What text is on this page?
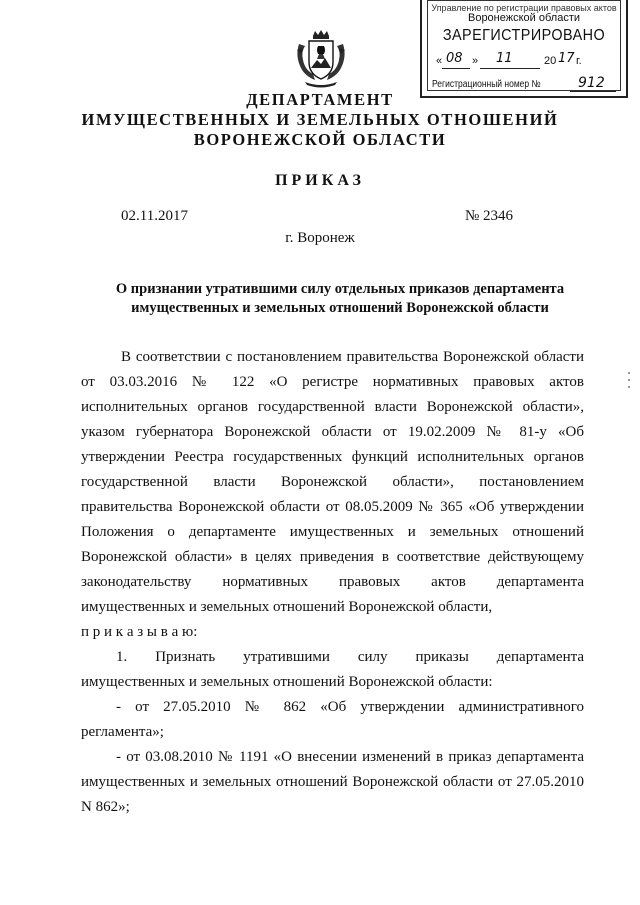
Управление по регистрации правовых актов
Воронежской области
ЗАРЕГИСТРИРОВАНО
« 08 » 11	20 17 г.
Регистрационный номер №	912
ДЕПАРТАМЕНТ
ИМУЩЕСТВЕННЫХ И ЗЕМЕЛЬНЫХ ОТНОШЕНИЙ
ВОРОНЕЖСКОЙ ОБЛАСТИ
ПРИКАЗ
02.11.2017	№ 2346
г. Воронеж
О признании утратившими силу отдельных приказов департамента
имущественных и земельных отношений Воронежской области
В соответствии с постановлением правительства Воронежской области
от 03.03.2016 № 122 «О регистре нормативных правовых актов
исполнительных органов государственной власти Воронежской области»,
указом губернатора Воронежской области от 19.02.2009 № 81-у «Об
утверждении Реестра государственных функций исполнительных органов
государственной власти Воронежской области», постановлением
правительства Воронежской области от 08.05.2009 № 365 «Об утверждении
Положения о департаменте имущественных и земельных отношений
Воронежской области» в целях приведения в соответствие действующему
законодательству нормативных правовых актов департамента
имущественных и земельных отношений Воронежской области,
п р и к а з ы в а ю:
1. Признать утратившими силу приказы департамента
имущественных и земельных отношений Воронежской области:
- от 27.05.2010 № 862 «Об утверждении административного
регламента»;
- от 03.08.2010 № 1191 «О внесении изменений в приказ департамента
имущественных и земельных отношений Воронежской области от 27.05.2010
N 862»;
